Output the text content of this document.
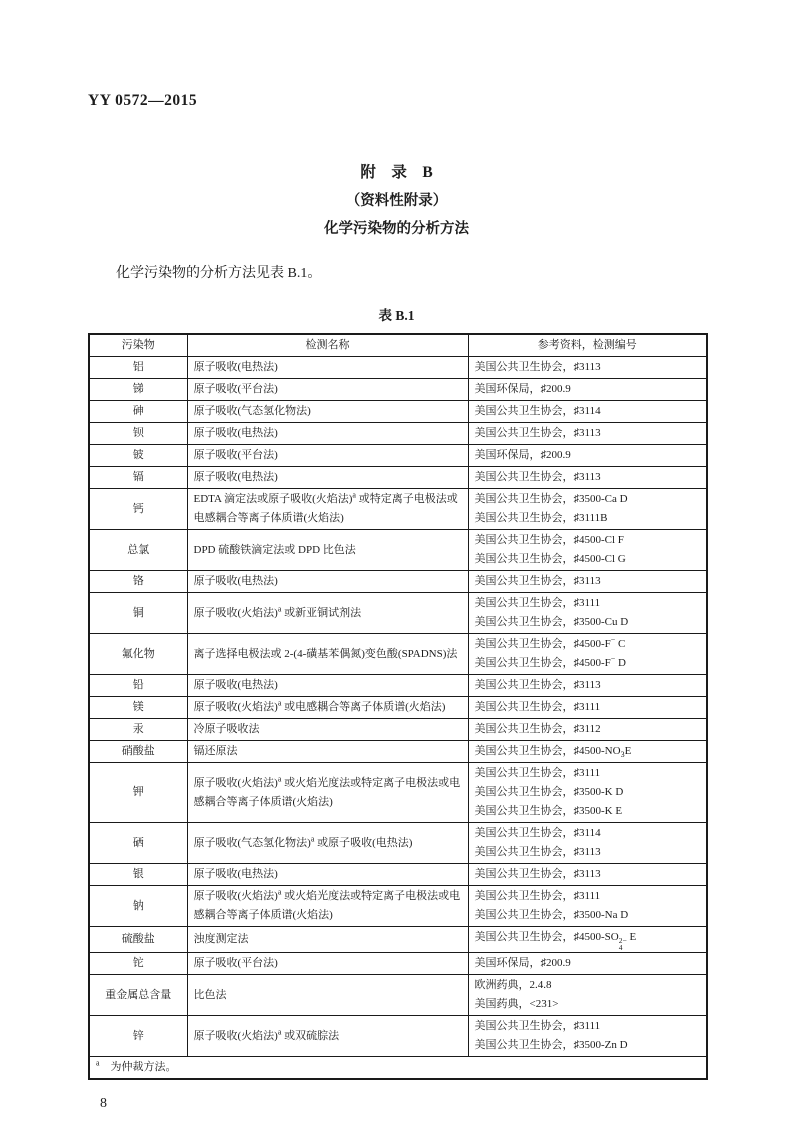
YY 0572—2015
附　录　B
（资料性附录）
化学污染物的分析方法

化学污染物的分析方法见表 B.1。

表 B.1
污染物	检测名称	参考资料，检测编号
铝	原子吸收(电热法)	美国公共卫生协会，♯3113

锑	原子吸收(平台法)	美国环保局，♯200.9

砷	原子吸收(气态氢化物法)	美国公共卫生协会，♯3114

钡	原子吸收(电热法)	美国公共卫生协会，♯3113

铍	原子吸收(平台法)	美国环保局，♯200.9

镉	原子吸收(电热法)	美国公共卫生协会，♯3113

钙	EDTA 滴定法或原子吸收(火焰法)$^a$ 或特定离子电极法或电感耦合等离子体质谱(火焰法)	美国公共卫生协会，♯3500-Ca D
美国公共卫生协会，♯3111B

总氯	DPD 硫酸铁滴定法或 DPD 比色法	美国公共卫生协会，♯4500-Cl F
美国公共卫生协会，♯4500-Cl G

铬	原子吸收(电热法)	美国公共卫生协会，♯3113

铜	原子吸收(火焰法)$^a$ 或新亚铜试剂法	美国公共卫生协会，♯3111
美国公共卫生协会，♯3500-Cu D

氟化物	离子选择电极法或 2-(4-磺基苯偶氮)变色酸(SPADNS)法	美国公共卫生协会，♯4500-F− C
美国公共卫生协会，♯4500-F− D

铅	原子吸收(电热法)	美国公共卫生协会，♯3113

镁	原子吸收(火焰法)$^a$ 或电感耦合等离子体质谱(火焰法)	美国公共卫生协会，♯3111

汞	冷原子吸收法	美国公共卫生协会，♯3112

硝酸盐	镉还原法	美国公共卫生协会，$♯4500-NO_3E$

钾	原子吸收(火焰法)$^a$ 或火焰光度法或特定离子电极法或电感耦合等离子体质谱(火焰法)	美国公共卫生协会，♯3111
美国公共卫生协会，♯3500-K D
美国公共卫生协会，♯3500-K E

硒	原子吸收(气态氢化物法)$^a$ 或原子吸收(电热法)	美国公共卫生协会，♯3114
美国公共卫生协会，♯3113

银	原子吸收(电热法)	美国公共卫生协会，♯3113

钠	原子吸收(火焰法)$^a$ 或火焰光度法或特定离子电极法或电感耦合等离子体质谱(火焰法)	美国公共卫生协会，♯3111
美国公共卫生协会，♯3500-Na D

硫酸盐	浊度测定法	美国公共卫生协会，♯4500-SO 2−
4
E

铊	原子吸收(平台法)	美国环保局，♯200.9

重金属总含量	比色法	欧洲药典，2.4.8
美国药典，<231>

锌	原子吸收(火焰法)$^a$ 或双硫腙法	美国公共卫生协会，♯3111
美国公共卫生协会，♯3500-Zn D

$^a$　为仲裁方法。		
8
